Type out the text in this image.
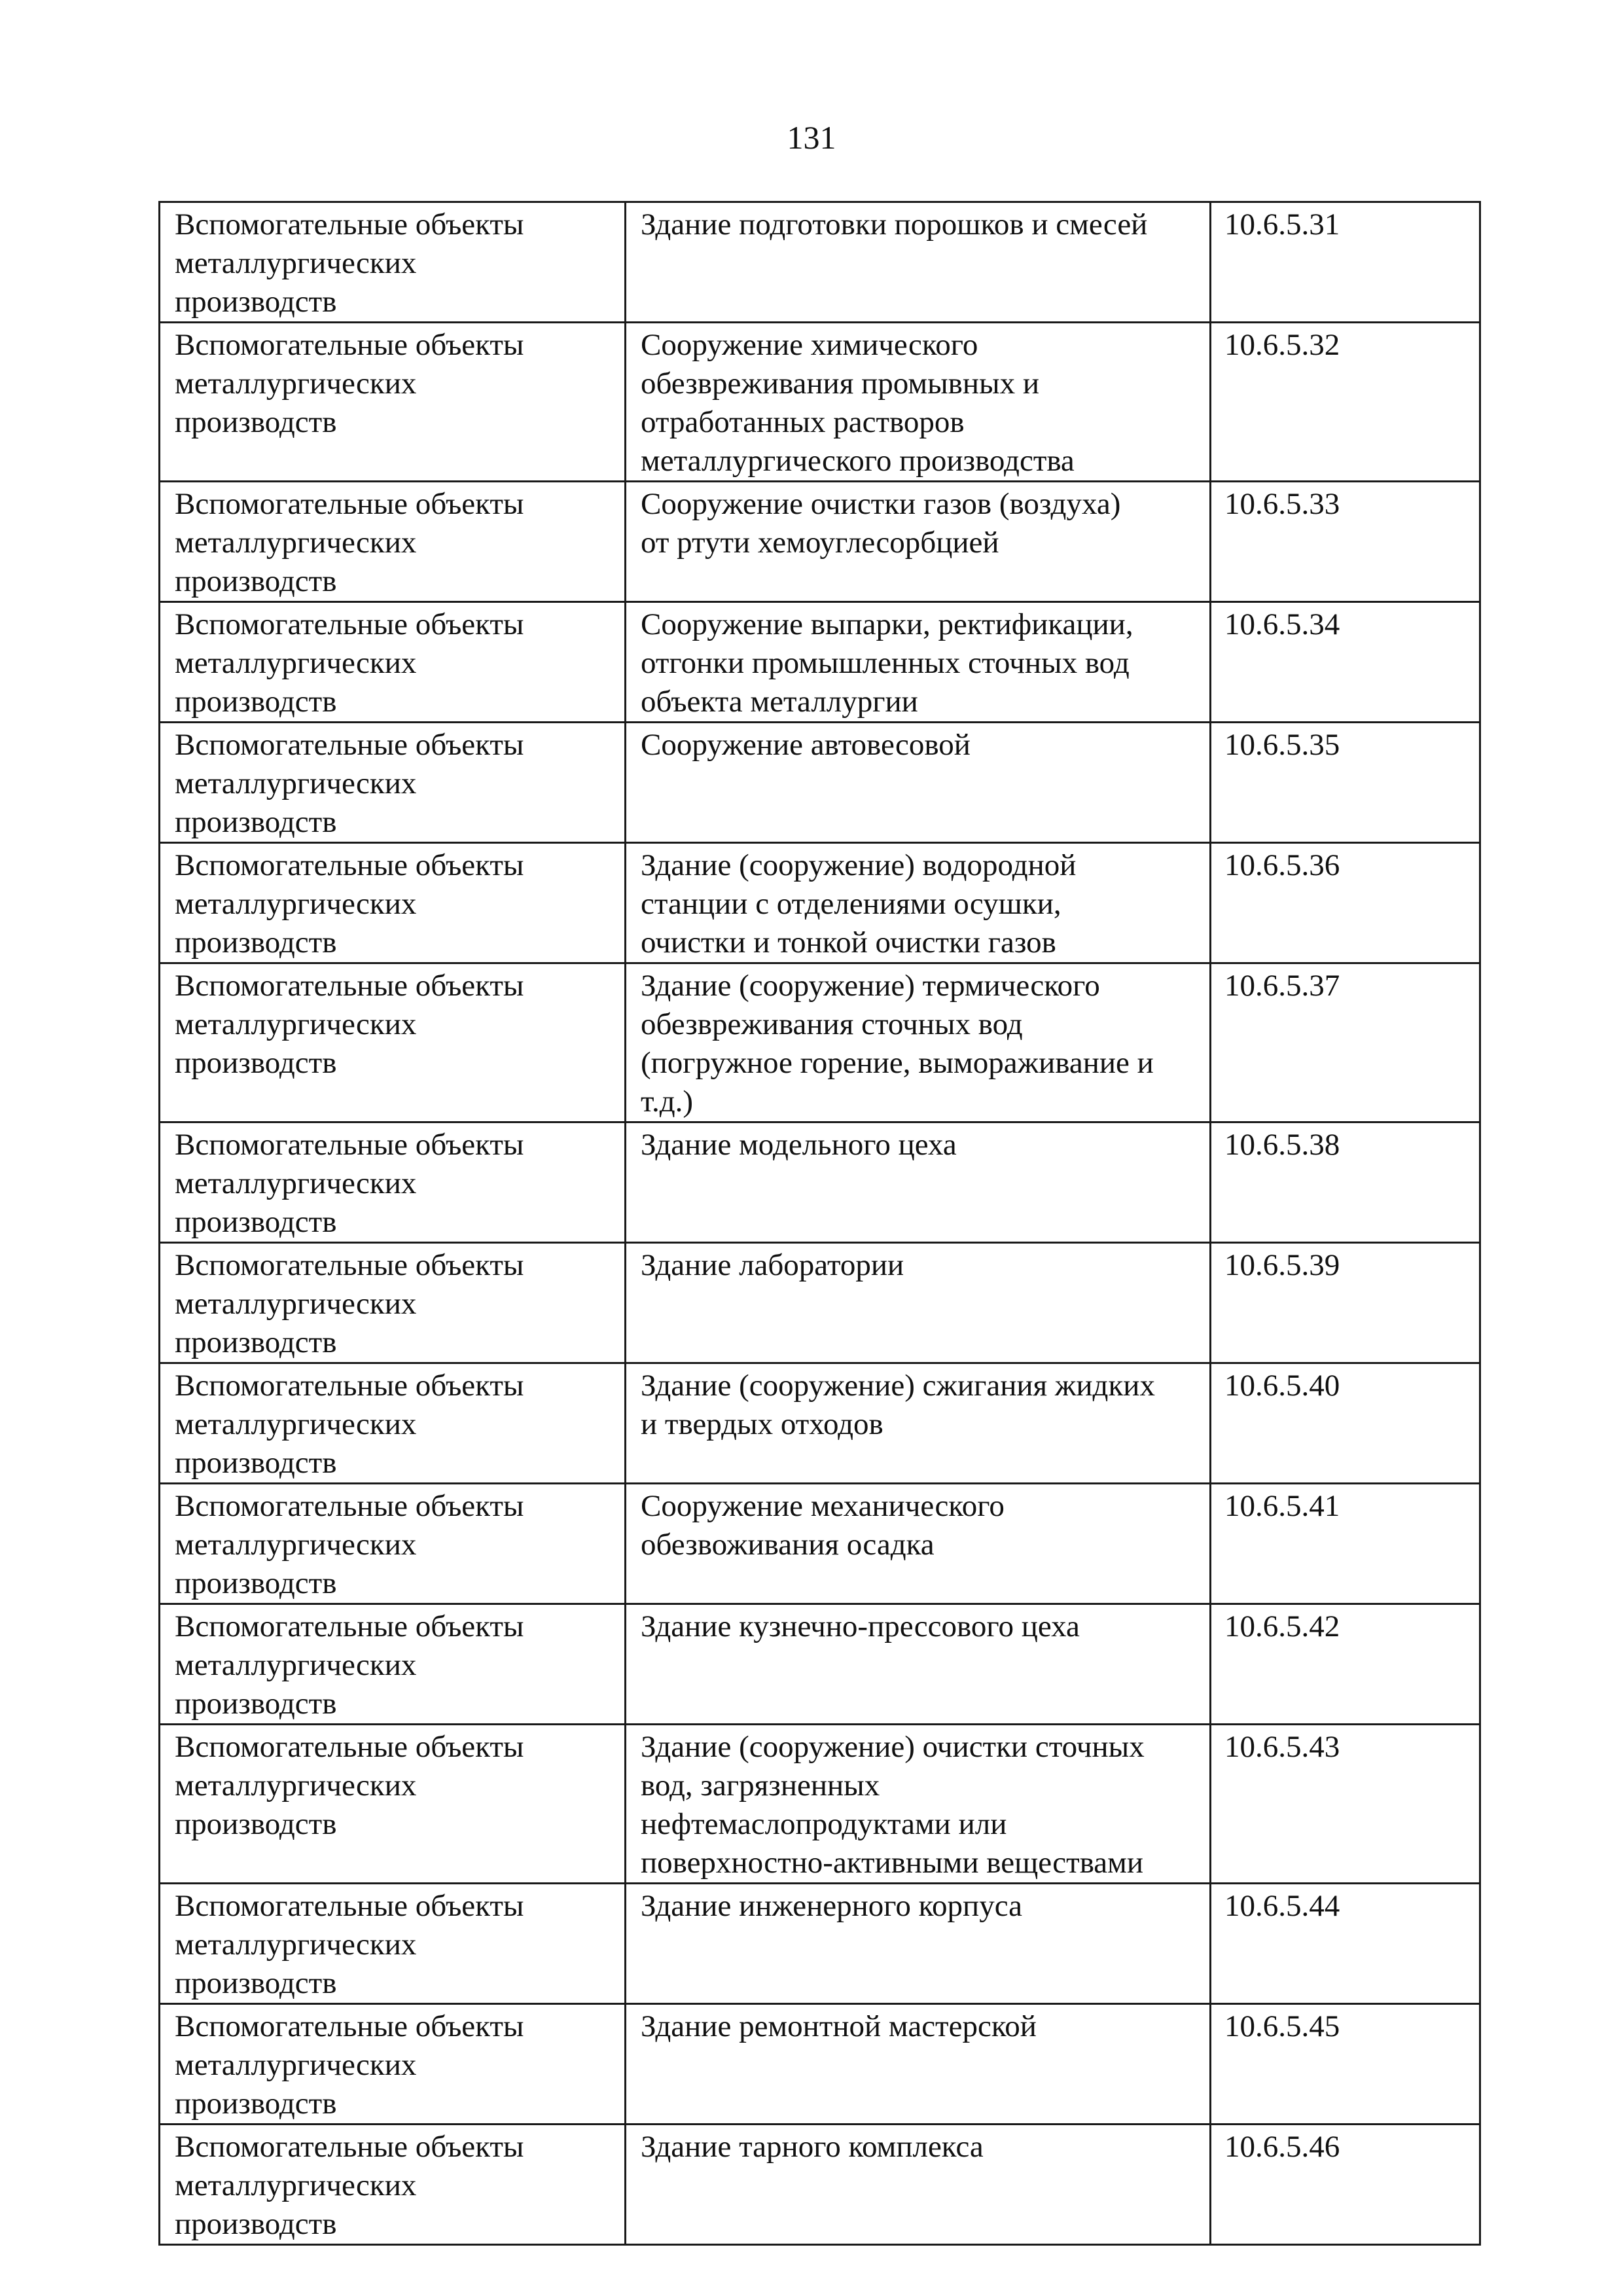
131
Вспомогательные объекты
металлургических
производств	Здание подготовки порошков и смесей	10.6.5.31

Вспомогательные объекты
металлургических
производств	Сооружение химического
обезвреживания промывных и
отработанных растворов
металлургического производства	10.6.5.32

Вспомогательные объекты
металлургических
производств	Сооружение очистки газов (воздуха)
от ртути хемоуглесорбцией	10.6.5.33

Вспомогательные объекты
металлургических
производств	Сооружение выпарки, ректификации,
отгонки промышленных сточных вод
объекта металлургии	10.6.5.34

Вспомогательные объекты
металлургических
производств	Сооружение автовесовой	10.6.5.35

Вспомогательные объекты
металлургических
производств	Здание (сооружение) водородной
станции с отделениями осушки,
очистки и тонкой очистки газов	10.6.5.36

Вспомогательные объекты
металлургических
производств	Здание (сооружение) термического
обезвреживания сточных вод
(погружное горение, вымораживание и
т.д.)	10.6.5.37

Вспомогательные объекты
металлургических
производств	Здание модельного цеха	10.6.5.38

Вспомогательные объекты
металлургических
производств	Здание лаборатории	10.6.5.39

Вспомогательные объекты
металлургических
производств	Здание (сооружение) сжигания жидких
и твердых отходов	10.6.5.40

Вспомогательные объекты
металлургических
производств	Сооружение механического
обезвоживания осадка	10.6.5.41

Вспомогательные объекты
металлургических
производств	Здание кузнечно-прессового цеха	10.6.5.42

Вспомогательные объекты
металлургических
производств	Здание (сооружение) очистки сточных
вод, загрязненных
нефтемаслопродуктами или
поверхностно-активными веществами	10.6.5.43

Вспомогательные объекты
металлургических
производств	Здание инженерного корпуса	10.6.5.44

Вспомогательные объекты
металлургических
производств	Здание ремонтной мастерской	10.6.5.45

Вспомогательные объекты
металлургических
производств	Здание тарного комплекса	10.6.5.46
